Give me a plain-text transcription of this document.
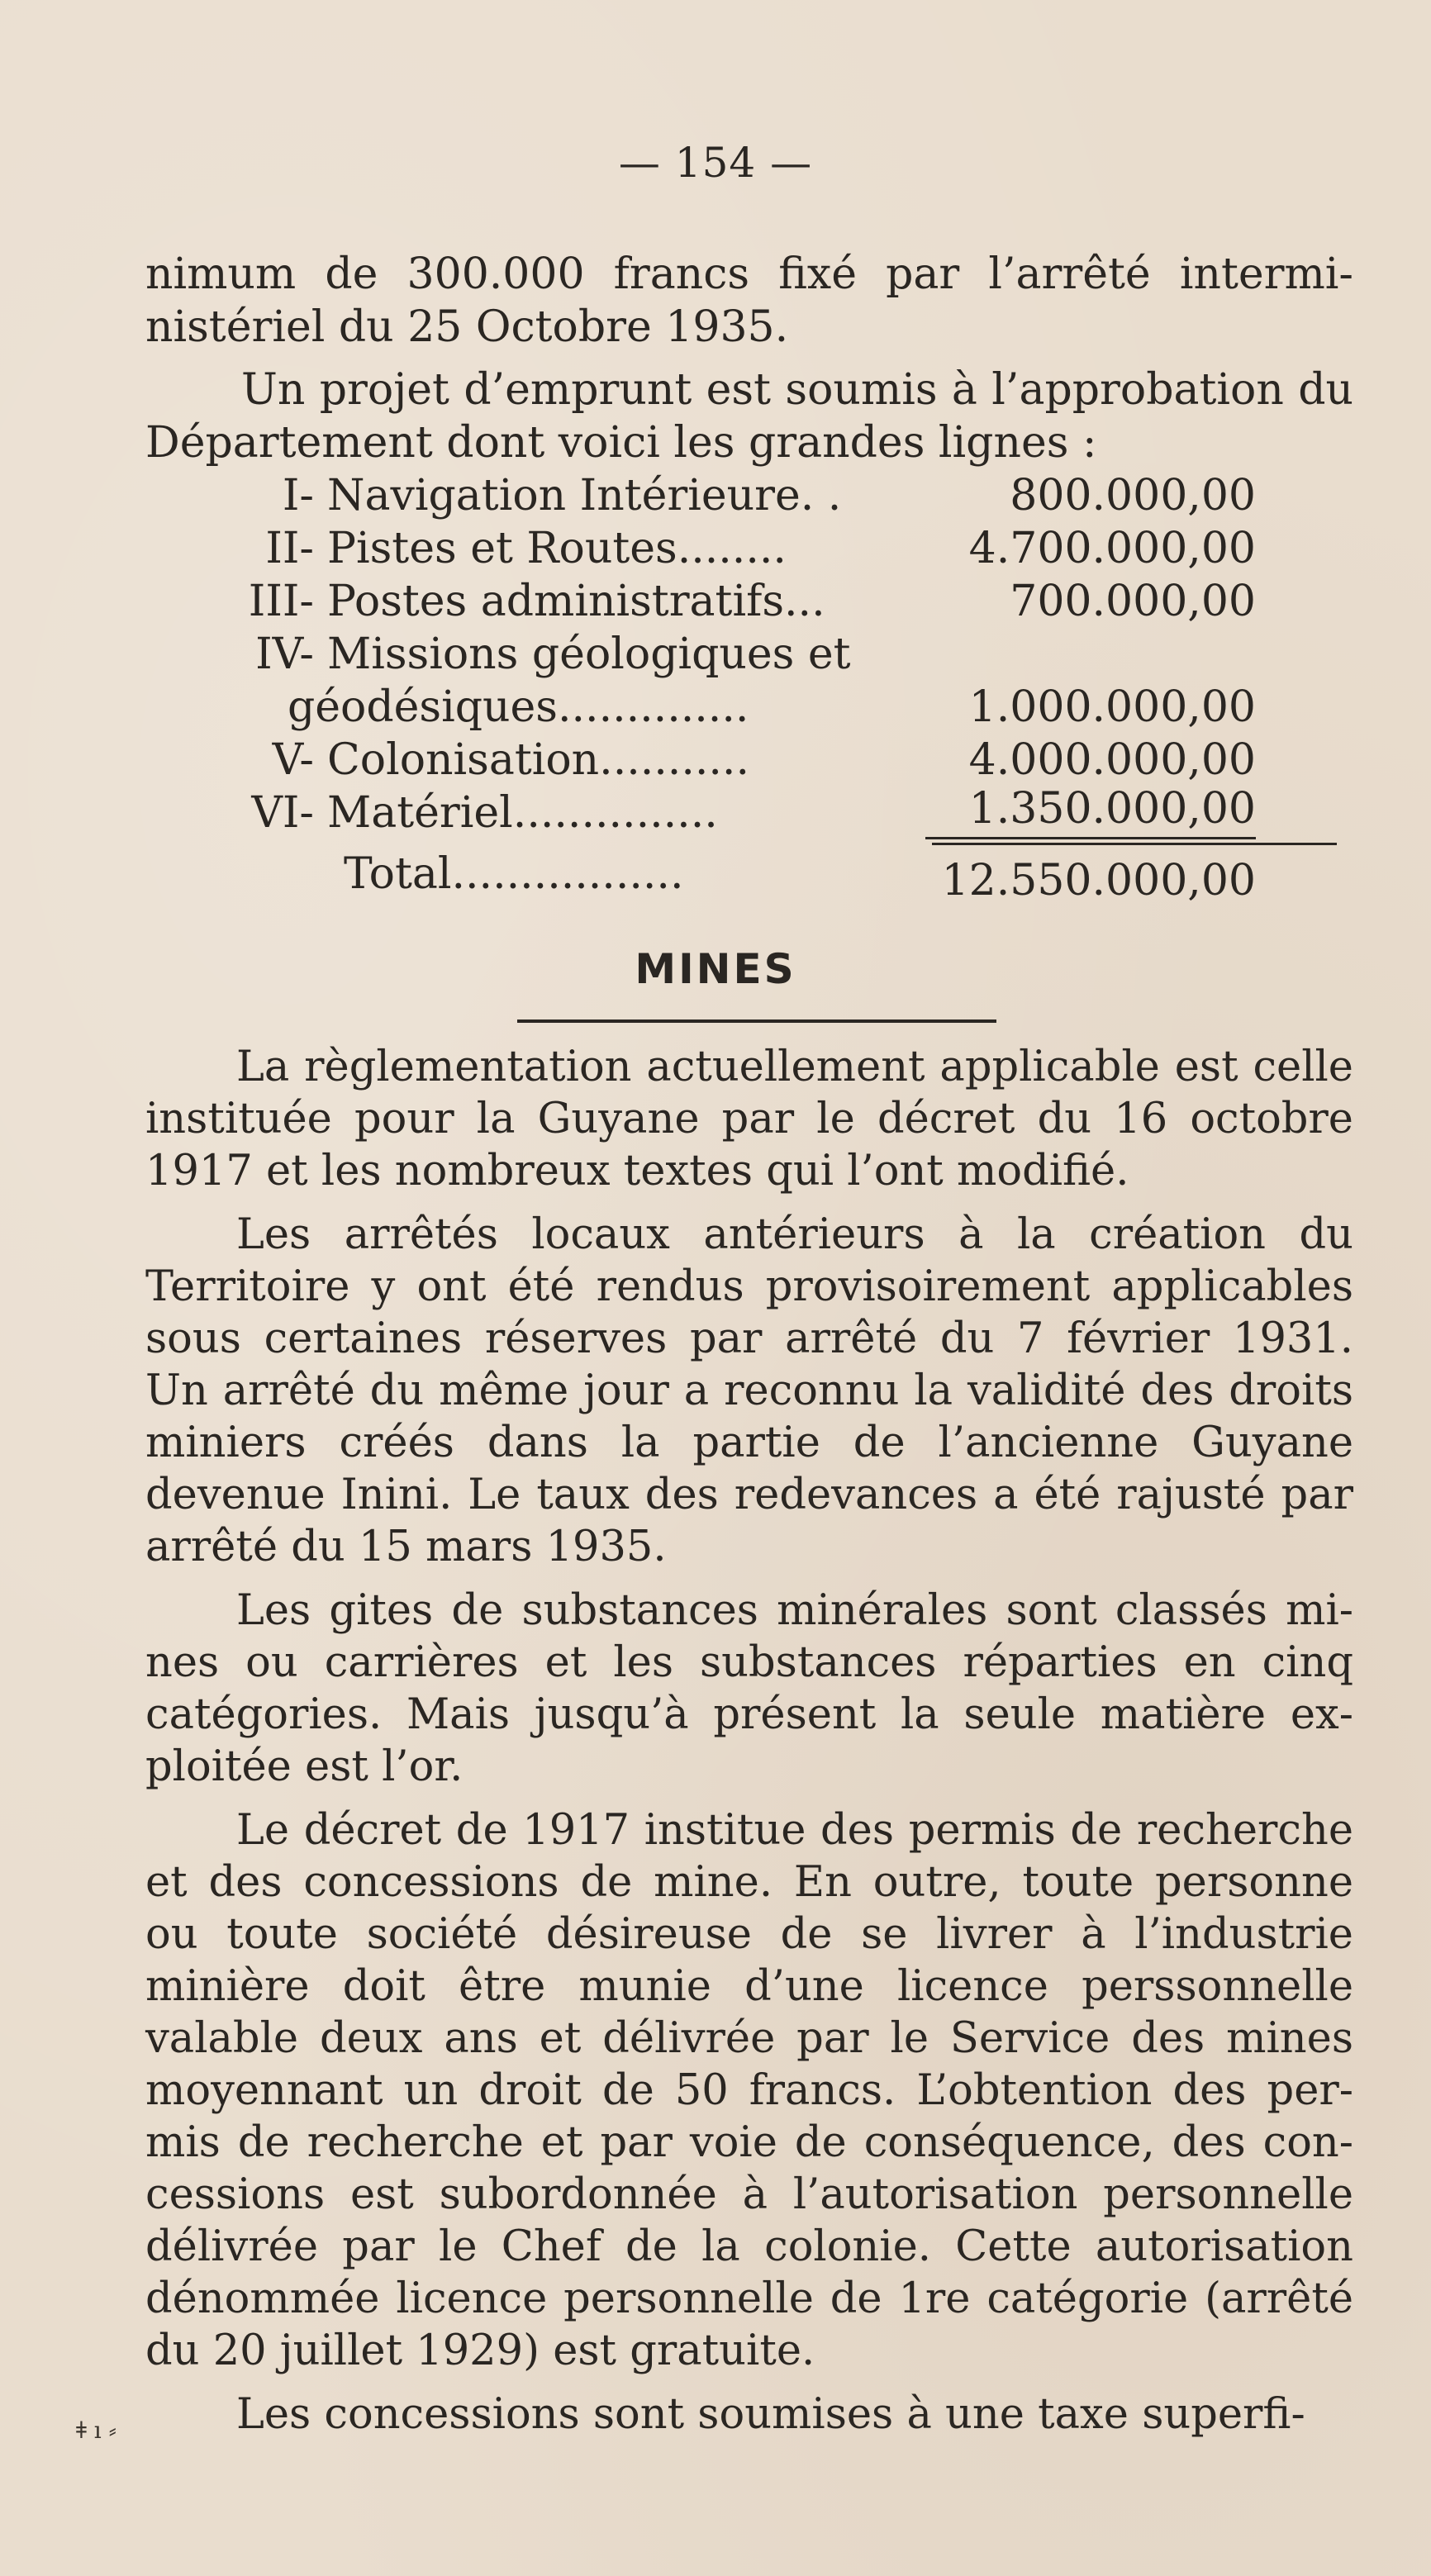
— 154 —
nimum de 300.000 francs fixé par l’arrêté interministériel du 25 Octobre 1935.
Un projet d’emprunt est soumis à l’approbation du Département dont voici les grandes lignes :
I- Navigation Intérieure. .	800.000,00
II- Pistes et Routes........	4.700.000,00
III- Postes administratifs...	700.000,00
IV- Missions géologiques et
géodésiques..............	1.000.000,00
V- Colonisation...........	4.000.000,00
VI- Matériel...............	1.350.000,00
Total.................	12.550.000,00
MINES

La règlementation actuellement applicable est celle instituée pour la Guyane par le décret du 16 octobre 1917 et les nombreux textes qui l’ont modifié.

Les arrêtés locaux antérieurs à la création du Territoire y ont été rendus provisoirement applicables sous certaines réserves par arrêté du 7 février 1931. Un arrêté du même jour a reconnu la validité des droits miniers créés dans la partie de l’ancienne Guyane devenue Inini. Le taux des redevances a été rajusté par arrêté du 15 mars 1935.

Les gites de substances minérales sont classés mines ou carrières et les substances réparties en cinq catégories. Mais jusqu’à présent la seule matière exploitée est l’or.

Le décret de 1917 institue des permis de recherche et des concessions de mine. En outre, toute personne ou toute société désireuse de se livrer à l’industrie minière doit être munie d’une licence perssonnelle valable deux ans et délivrée par le Service des mines moyennant un droit de 50 francs. L’obtention des permis de recherche et par voie de conséquence, des concessions est subordonnée à l’autorisation personnelle délivrée par le Chef de la colonie. Cette autorisation dénommée licence personnelle de 1re catégorie (arrêté du 20 juillet 1929) est gratuite.

Les concessions sont soumises à une taxe superfi-

ǂ ı ⸗
